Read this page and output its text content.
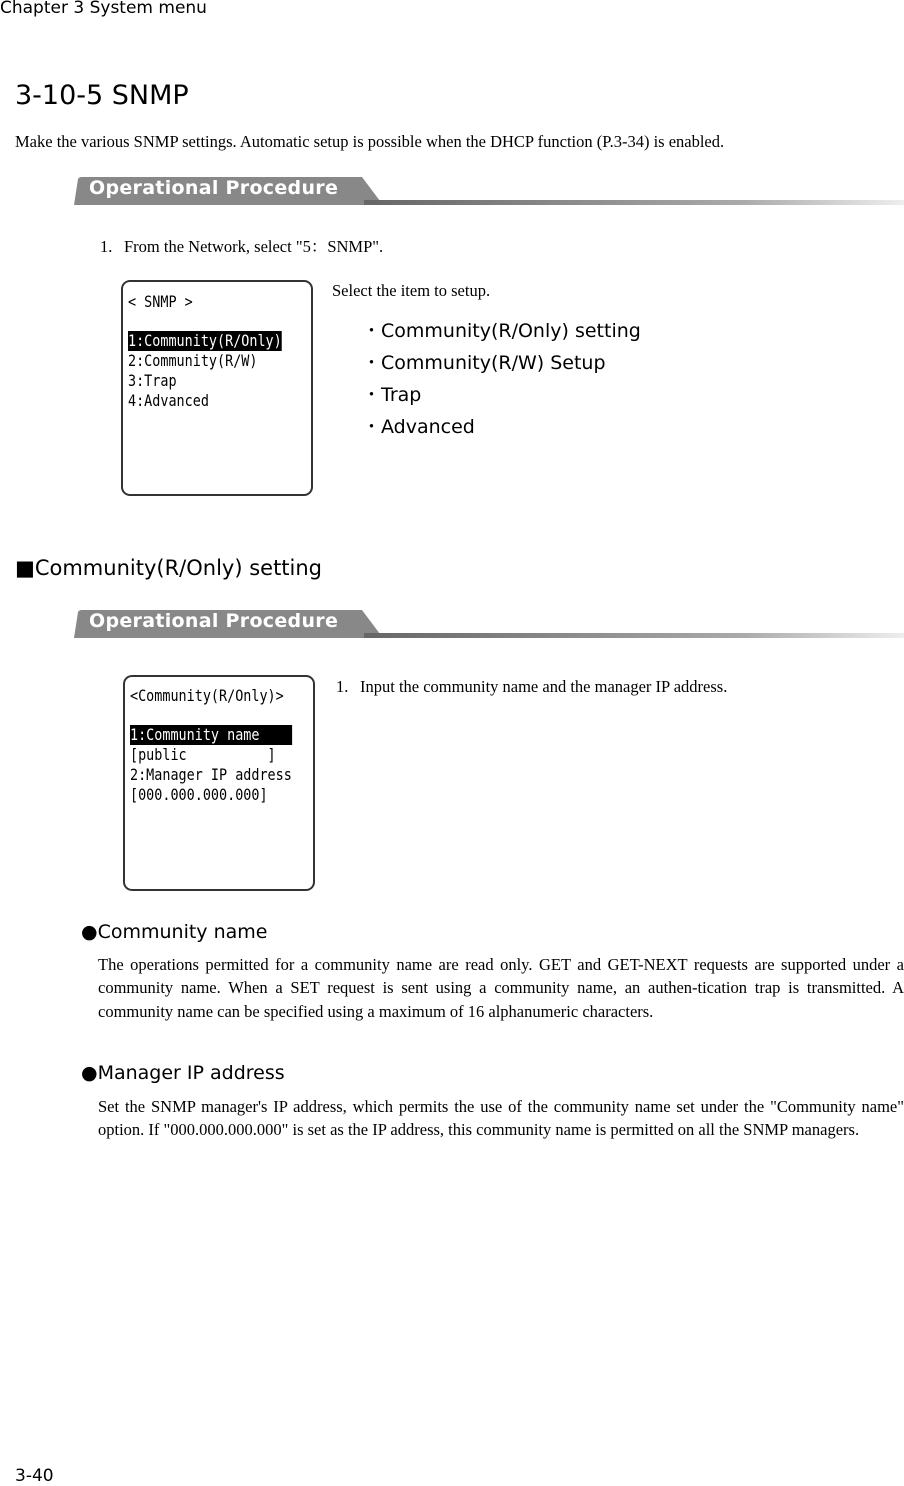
Chapter 3 System menu
3-10-5 SNMP
Make the various SNMP settings. Automatic setup is possible when the DHCP function (P.3-34) is enabled.
Operational Procedure
1. From the Network, select "5：SNMP".
< SNMP >
1:Community(R/Only)
2:Community(R/W)
3:Trap
4:Advanced
Select the item to setup.
・Community(R/Only) setting
・Community(R/W) Setup
・Trap
・Advanced
■Community(R/Only) setting
Operational Procedure
<Community(R/Only)>
1:Community name
[public          ]
2:Manager IP address
[000.000.000.000]
1. Input the community name and the manager IP address.
●Community name
The operations permitted for a community name are read only. GET and GET-NEXT requests are supported under a community name. When a SET request is sent using a community name, an authen-tication trap is transmitted. A community name can be specified using a maximum of 16 alphanumeric characters.
●Manager IP address
Set the SNMP manager's IP address, which permits the use of the community name set under the "Community name" option. If "000.000.000.000" is set as the IP address, this community name is permitted on all the SNMP managers.
3-40
